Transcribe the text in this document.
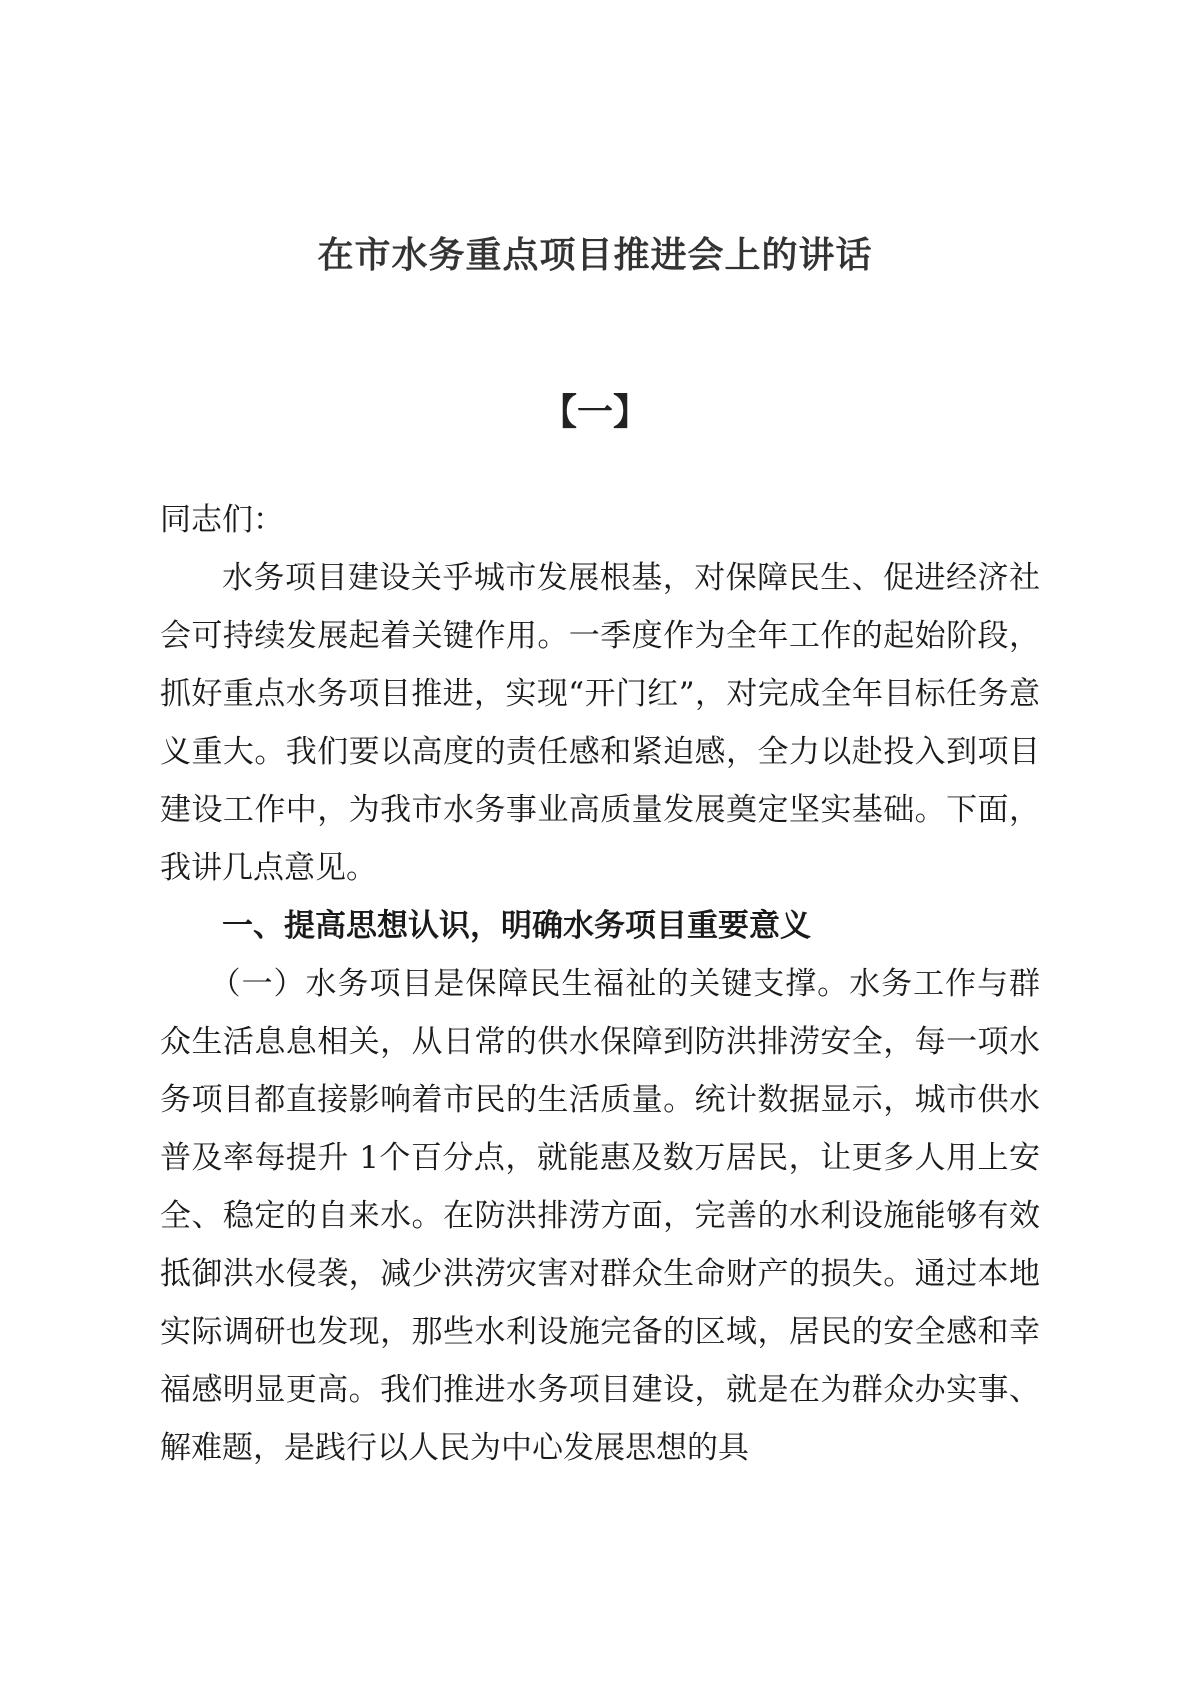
在市水务重点项目推进会上的讲话
【一】

同志们：

水务项目建设关乎城市发展根基，对保障民生、促进经济社会可持续发展起着关键作用。一季度作为全年工作的起始阶段，抓好重点水务项目推进，实现“开门红”，对完成全年目标任务意义重大。我们要以高度的责任感和紧迫感，全力以赴投入到项目建设工作中，为我市水务事业高质量发展奠定坚实基础。下面，我讲几点意见。

一、提高思想认识，明确水务项目重要意义

（一）水务项目是保障民生福祉的关键支撑。水务工作与群众生活息息相关，从日常的供水保障到防洪排涝安全，每一项水务项目都直接影响着市民的生活质量。统计数据显示，城市供水普及率每提升 1个百分点，就能惠及数万居民，让更多人用上安全、稳定的自来水。在防洪排涝方面，完善的水利设施能够有效抵御洪水侵袭，减少洪涝灾害对群众生命财产的损失。通过本地实际调研也发现，那些水利设施完备的区域，居民的安全感和幸福感明显更高。我们推进水务项目建设，就是在为群众办实事、解难题，是践行以人民为中心发展思想的具
